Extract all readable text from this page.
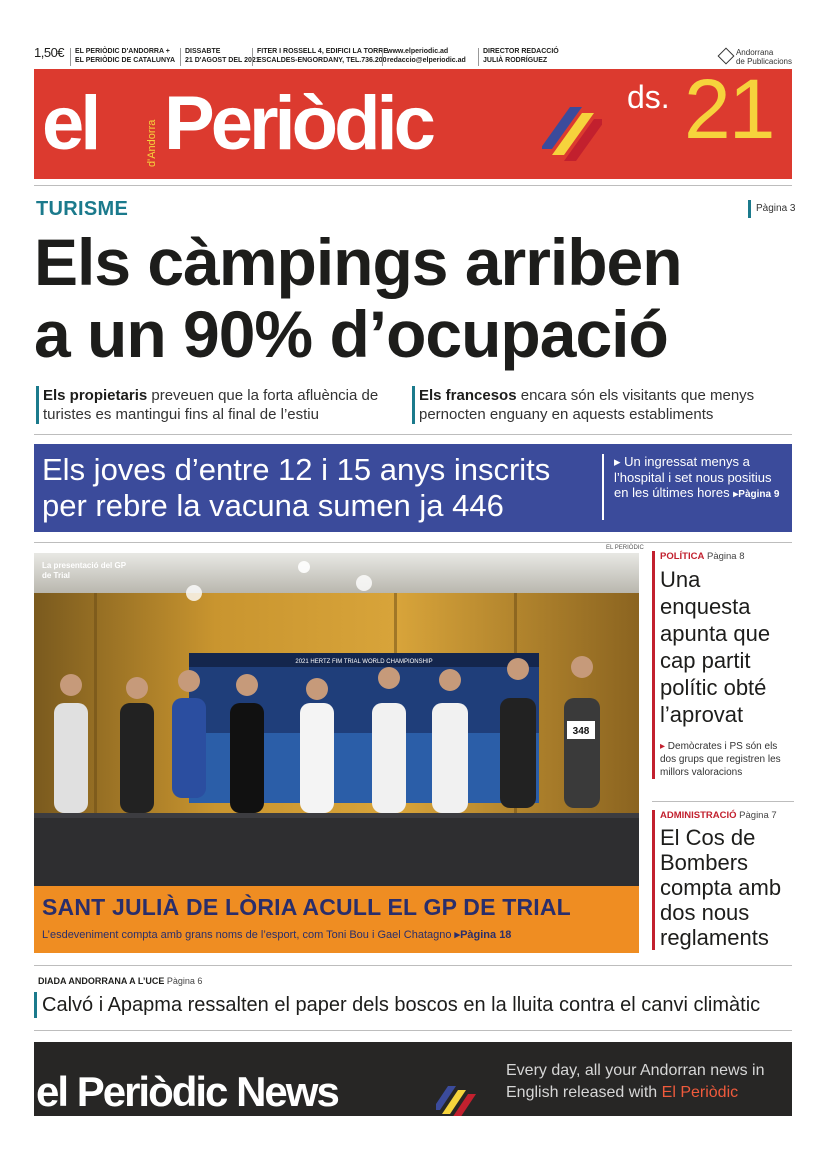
1,50€ EL PERIÒDIC D'ANDORRA +
EL PERIÒDIC DE CATALUNYA
DISSABTE
21 D'AGOST DEL 2021
FITER I ROSSELL 4, EDIFICI LA TORRE
ESCALDES-ENGORDANY, TEL.736.200
www.elperiodic.ad
redaccio@elperiodic.ad
DIRECTOR REDACCIÓ
JULIÀ RODRÍGUEZ
Andorrana
de Publicacions
el	d'Andorra Periòdic	ds. 21
TURISME	Pàgina 3
Els càmpings arriben
a un 90% d’ocupació
Els propietaris preveuen que la forta afluència de turistes es mantingui fins al final de l’estiu
Els francesos encara són els visitants que menys pernocten enguany en aquests establiments
Els joves d’entre 12 i 15 anys inscrits per rebre la vacuna sumen ja 446
▸ Un ingressat menys a l’hospital i set nous positius en les últimes hores ▸Pàgina 9
EL PERIÒDIC
2021 HERTZ FIM TRIAL WORLD CHAMPIONSHIP
348
La presentació del GP de Trial
SANT JULIÀ DE LÒRIA ACULL EL GP DE TRIAL
L’esdeveniment compta amb grans noms de l’esport, com Toni Bou i Gael Chatagno ▸Pàgina 18
POLÍTICA Pàgina 8
Una enquesta apunta que cap partit polític obté l’aprovat
▸ Demòcrates i PS són els dos grups que registren les millors valoracions
ADMINISTRACIÓ Pàgina 7
El Cos de Bombers compta amb dos nous reglaments
DIADA ANDORRANA A L’UCE Pàgina 6
Calvó i Apapma ressalten el paper dels boscos en la lluita contra el canvi climàtic
el Periòdic News	Every day, all your Andorran news in English released with El Periòdic
